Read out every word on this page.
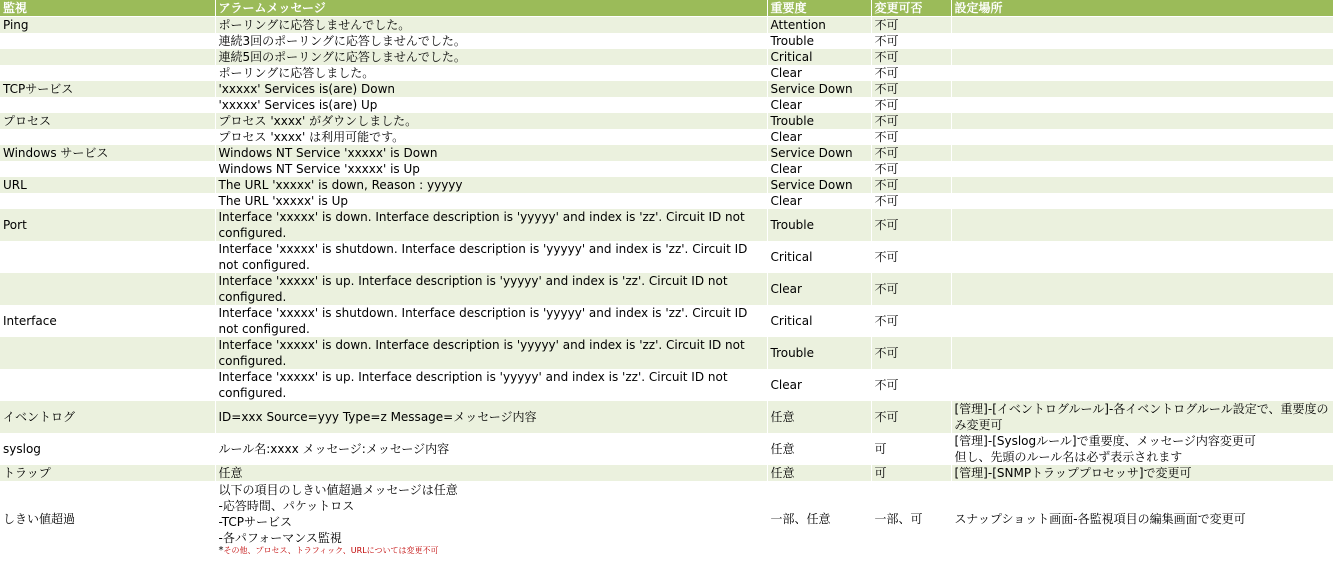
監視	アラームメッセージ	重要度	変更可否	設定場所
Ping	ポーリングに応答しませんでした。	Attention	不可	

	連続3回のポーリングに応答しませんでした。	Trouble	不可	

	連続5回のポーリングに応答しませんでした。	Critical	不可	

	ポーリングに応答しました。	Clear	不可	

TCPサービス	'xxxxx' Services is(are) Down	Service Down	不可	

	'xxxxx' Services is(are) Up	Clear	不可	

プロセス	プロセス 'xxxx' がダウンしました。	Trouble	不可	

	プロセス 'xxxx' は利用可能です。	Clear	不可	

Windows サービス	Windows NT Service 'xxxxx' is Down	Service Down	不可	

	Windows NT Service 'xxxxx' is Up	Clear	不可	

URL	The URL 'xxxxx' is down, Reason : yyyyy	Service Down	不可	

	The URL 'xxxxx' is Up	Clear	不可	

Port	Interface 'xxxxx' is down. Interface description is 'yyyyy' and index is 'zz'. Circuit ID not configured.	Trouble	不可	

	Interface 'xxxxx' is shutdown. Interface description is 'yyyyy' and index is 'zz'. Circuit ID not configured.	Critical	不可	

	Interface 'xxxxx' is up. Interface description is 'yyyyy' and index is 'zz'. Circuit ID not configured.	Clear	不可	

Interface	Interface 'xxxxx' is shutdown. Interface description is 'yyyyy' and index is 'zz'. Circuit ID not configured.	Critical	不可	

	Interface 'xxxxx' is down. Interface description is 'yyyyy' and index is 'zz'. Circuit ID not configured.	Trouble	不可	

	Interface 'xxxxx' is up. Interface description is 'yyyyy' and index is 'zz'. Circuit ID not configured.	Clear	不可	

イベントログ	ID=xxx Source=yyy Type=z Message=メッセージ内容	任意	不可	[管理]-[イベントログルール]-各イベントログルール設定で、重要度のみ変更可

syslog	ルール名:xxxx メッセージ:メッセージ内容	任意	可	[管理]-[Syslogルール]で重要度、メッセージ内容変更可
但し、先頭のルール名は必ず表示されます

トラップ	任意	任意	可	[管理]-[SNMPトラッププロセッサ]で変更可

しきい値超過	以下の項目のしきい値超過メッセージは任意
-応答時間、パケットロス
-TCPサービス
-各パフォーマンス監視
*その他、プロセス、トラフィック、URLについては変更不可	一部、任意	一部、可	スナップショット画面-各監視項目の編集画面で変更可
